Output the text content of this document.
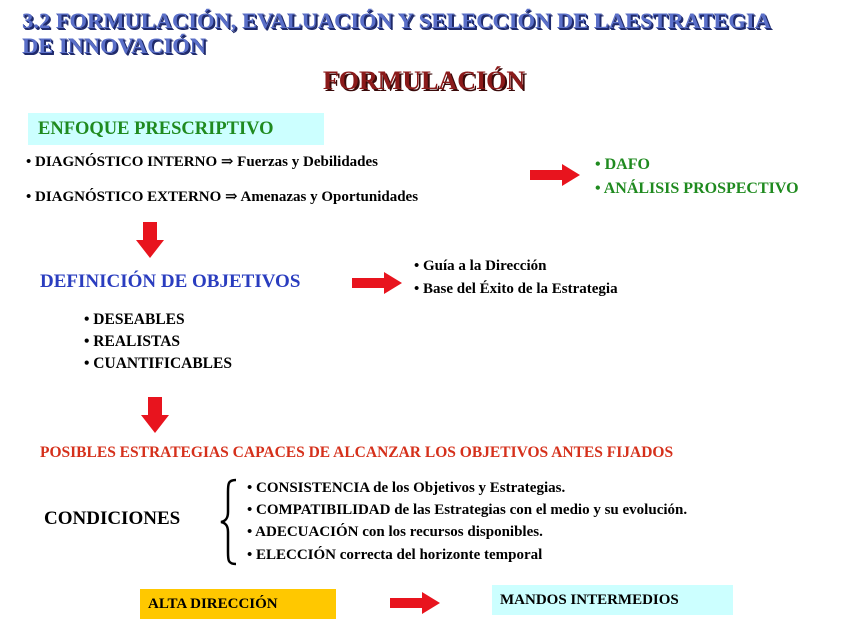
3.2 FORMULACIÓN, EVALUACIÓN Y SELECCIÓN DE LAESTRATEGIA
DE INNOVACIÓN
FORMULACIÓN
ENFOQUE PRESCRIPTIVO
• DIAGNÓSTICO INTERNO ⇒ Fuerzas y Debilidades
• DIAGNÓSTICO EXTERNO ⇒ Amenazas y Oportunidades
• DAFO
• ANÁLISIS PROSPECTIVO
DEFINICIÓN DE OBJETIVOS
• Guía a la Dirección
• Base del Éxito de la Estrategia
• DESEABLES
• REALISTAS
• CUANTIFICABLES
POSIBLES ESTRATEGIAS CAPACES DE ALCANZAR LOS OBJETIVOS ANTES FIJADOS
CONDICIONES
• CONSISTENCIA de los Objetivos y Estrategias.
• COMPATIBILIDAD de las Estrategias con el medio y su evolución.
• ADECUACIÓN con los recursos disponibles.
• ELECCIÓN correcta del horizonte temporal
ALTA DIRECCIÓN	MANDOS INTERMEDIOS
